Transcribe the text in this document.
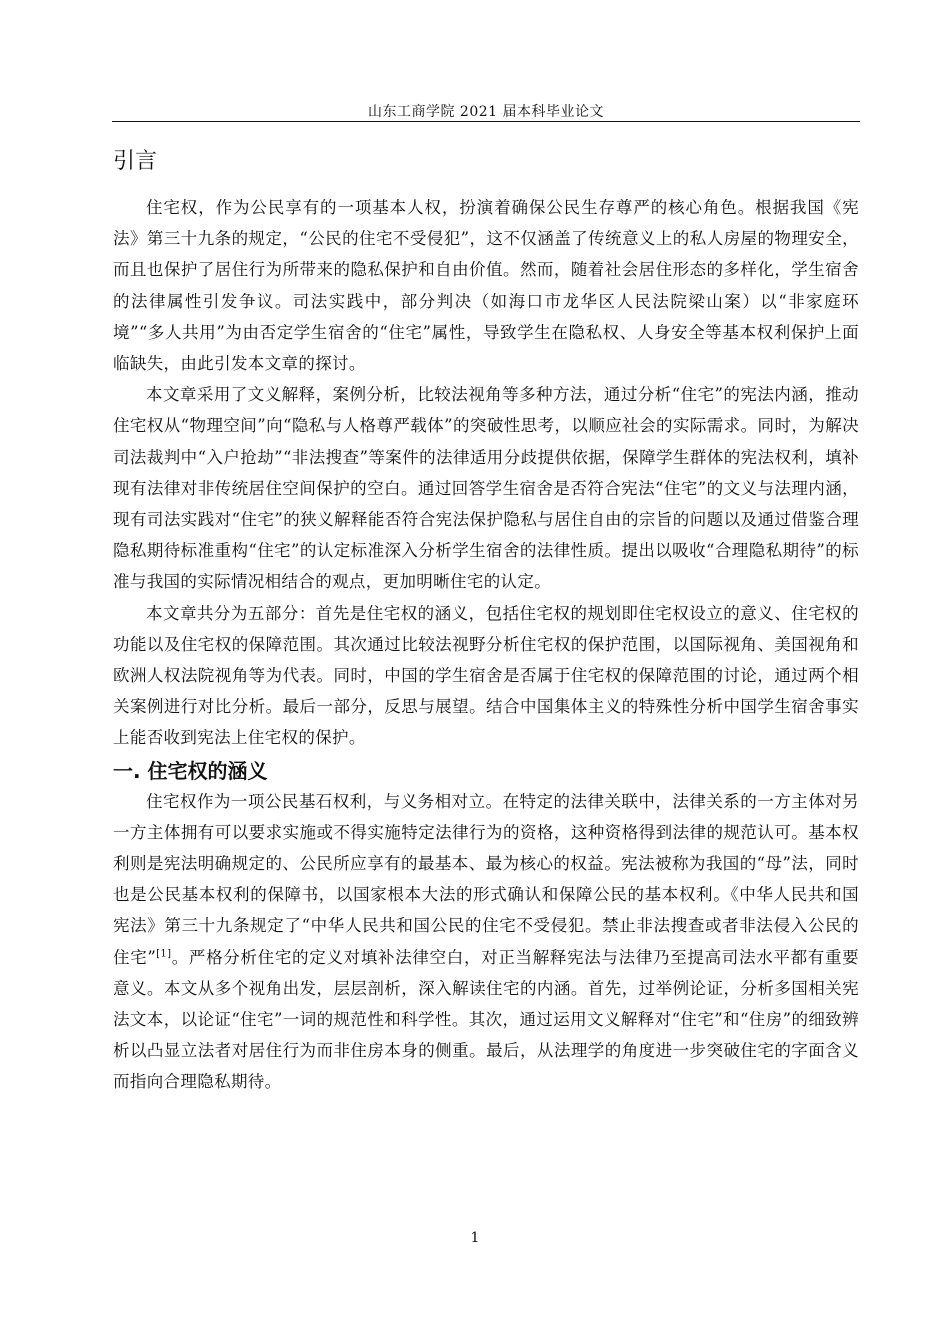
山东工商学院 2021 届本科毕业论文
引言

住宅权，作为公民享有的一项基本人权，扮演着确保公民生存尊严的核心角色。根据我国《宪法》第三十九条的规定，“公民的住宅不受侵犯”，这不仅涵盖了传统意义上的私人房屋的物理安全，而且也保护了居住行为所带来的隐私保护和自由价值。然而，随着社会居住形态的多样化，学生宿舍的法律属性引发争议。司法实践中，部分判决（如海口市龙华区人民法院梁山案）以“非家庭环境”“多人共用”为由否定学生宿舍的“住宅”属性，导致学生在隐私权、人身安全等基本权利保护上面临缺失，由此引发本文章的探讨。

本文章采用了文义解释，案例分析，比较法视角等多种方法，通过分析“住宅”的宪法内涵，推动住宅权从“物理空间”向“隐私与人格尊严载体”的突破性思考，以顺应社会的实际需求。同时，为解决司法裁判中“入户抢劫”“非法搜查”等案件的法律适用分歧提供依据，保障学生群体的宪法权利，填补现有法律对非传统居住空间保护的空白。通过回答学生宿舍是否符合宪法“住宅”的文义与法理内涵，现有司法实践对“住宅”的狭义解释能否符合宪法保护隐私与居住自由的宗旨的问题以及通过借鉴合理隐私期待标准重构“住宅”的认定标准深入分析学生宿舍的法律性质。提出以吸收“合理隐私期待”的标准与我国的实际情况相结合的观点，更加明晰住宅的认定。

本文章共分为五部分：首先是住宅权的涵义，包括住宅权的规划即住宅权设立的意义、住宅权的功能以及住宅权的保障范围。其次通过比较法视野分析住宅权的保护范围，以国际视角、美国视角和欧洲人权法院视角等为代表。同时，中国的学生宿舍是否属于住宅权的保障范围的讨论，通过两个相关案例进行对比分析。最后一部分，反思与展望。结合中国集体主义的特殊性分析中国学生宿舍事实上能否收到宪法上住宅权的保护。

一. 住宅权的涵义

住宅权作为一项公民基石权利，与义务相对立。在特定的法律关联中，法律关系的一方主体对另一方主体拥有可以要求实施或不得实施特定法律行为的资格，这种资格得到法律的规范认可。基本权利则是宪法明确规定的、公民所应享有的最基本、最为核心的权益。宪法被称为我国的“母”法，同时也是公民基本权利的保障书，以国家根本大法的形式确认和保障公民的基本权利。《中华人民共和国宪法》第三十九条规定了“中华人民共和国公民的住宅不受侵犯。禁止非法搜查或者非法侵入公民的住宅”[1]。严格分析住宅的定义对填补法律空白，对正当解释宪法与法律乃至提高司法水平都有重要意义。本文从多个视角出发，层层剖析，深入解读住宅的内涵。首先，过举例论证，分析多国相关宪法文本，以论证“住宅”一词的规范性和科学性。其次，通过运用文义解释对“住宅”和“住房”的细致辨析以凸显立法者对居住行为而非住房本身的侧重。最后，从法理学的角度进一步突破住宅的字面含义而指向合理隐私期待。

1
